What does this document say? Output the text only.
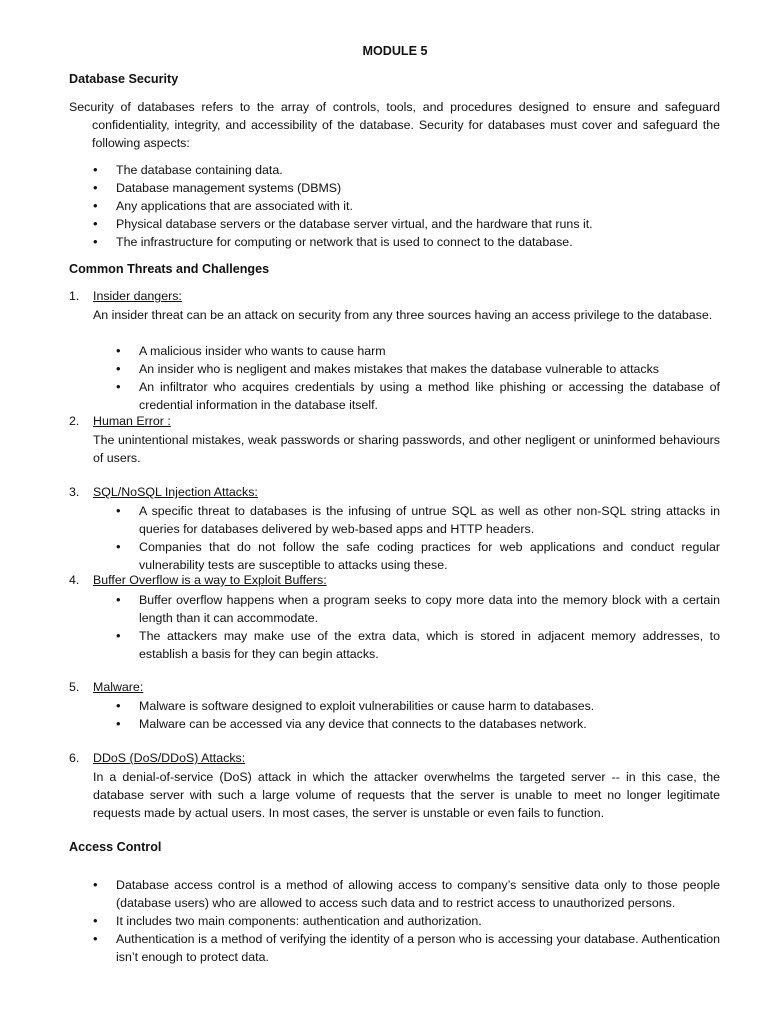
MODULE 5
Database Security
Security of databases refers to the array of controls, tools, and procedures designed to ensure and safeguard confidentiality, integrity, and accessibility of the database. Security for databases must cover and safeguard the following aspects:
• The database containing data.
• Database management systems (DBMS)
• Any applications that are associated with it.
• Physical database servers or the database server virtual, and the hardware that runs it.
• The infrastructure for computing or network that is used to connect to the database.
Common Threats and Challenges
1. Insider dangers:
An insider threat can be an attack on security from any three sources having an access privilege to the database.
• A malicious insider who wants to cause harm
• An insider who is negligent and makes mistakes that makes the database vulnerable to attacks
• An infiltrator who acquires credentials by using a method like phishing or accessing the database of credential information in the database itself.
2. Human Error :
The unintentional mistakes, weak passwords or sharing passwords, and other negligent or uninformed behaviours of users.
3. SQL/NoSQL Injection Attacks:
• A specific threat to databases is the infusing of untrue SQL as well as other non-SQL string attacks in queries for databases delivered by web-based apps and HTTP headers.
• Companies that do not follow the safe coding practices for web applications and conduct regular vulnerability tests are susceptible to attacks using these.
4. Buffer Overflow is a way to Exploit Buffers:
• Buffer overflow happens when a program seeks to copy more data into the memory block with a certain length than it can accommodate.
• The attackers may make use of the extra data, which is stored in adjacent memory addresses, to establish a basis for they can begin attacks.
5. Malware:
• Malware is software designed to exploit vulnerabilities or cause harm to databases.
• Malware can be accessed via any device that connects to the databases network.
6. DDoS (DoS/DDoS) Attacks:
In a denial-of-service (DoS) attack in which the attacker overwhelms the targeted server -- in this case, the database server with such a large volume of requests that the server is unable to meet no longer legitimate requests made by actual users. In most cases, the server is unstable or even fails to function.
Access Control
• Database access control is a method of allowing access to company’s sensitive data only to those people (database users) who are allowed to access such data and to restrict access to unauthorized persons.
• It includes two main components: authentication and authorization.
• Authentication is a method of verifying the identity of a person who is accessing your database. Authentication isn’t enough to protect data.
